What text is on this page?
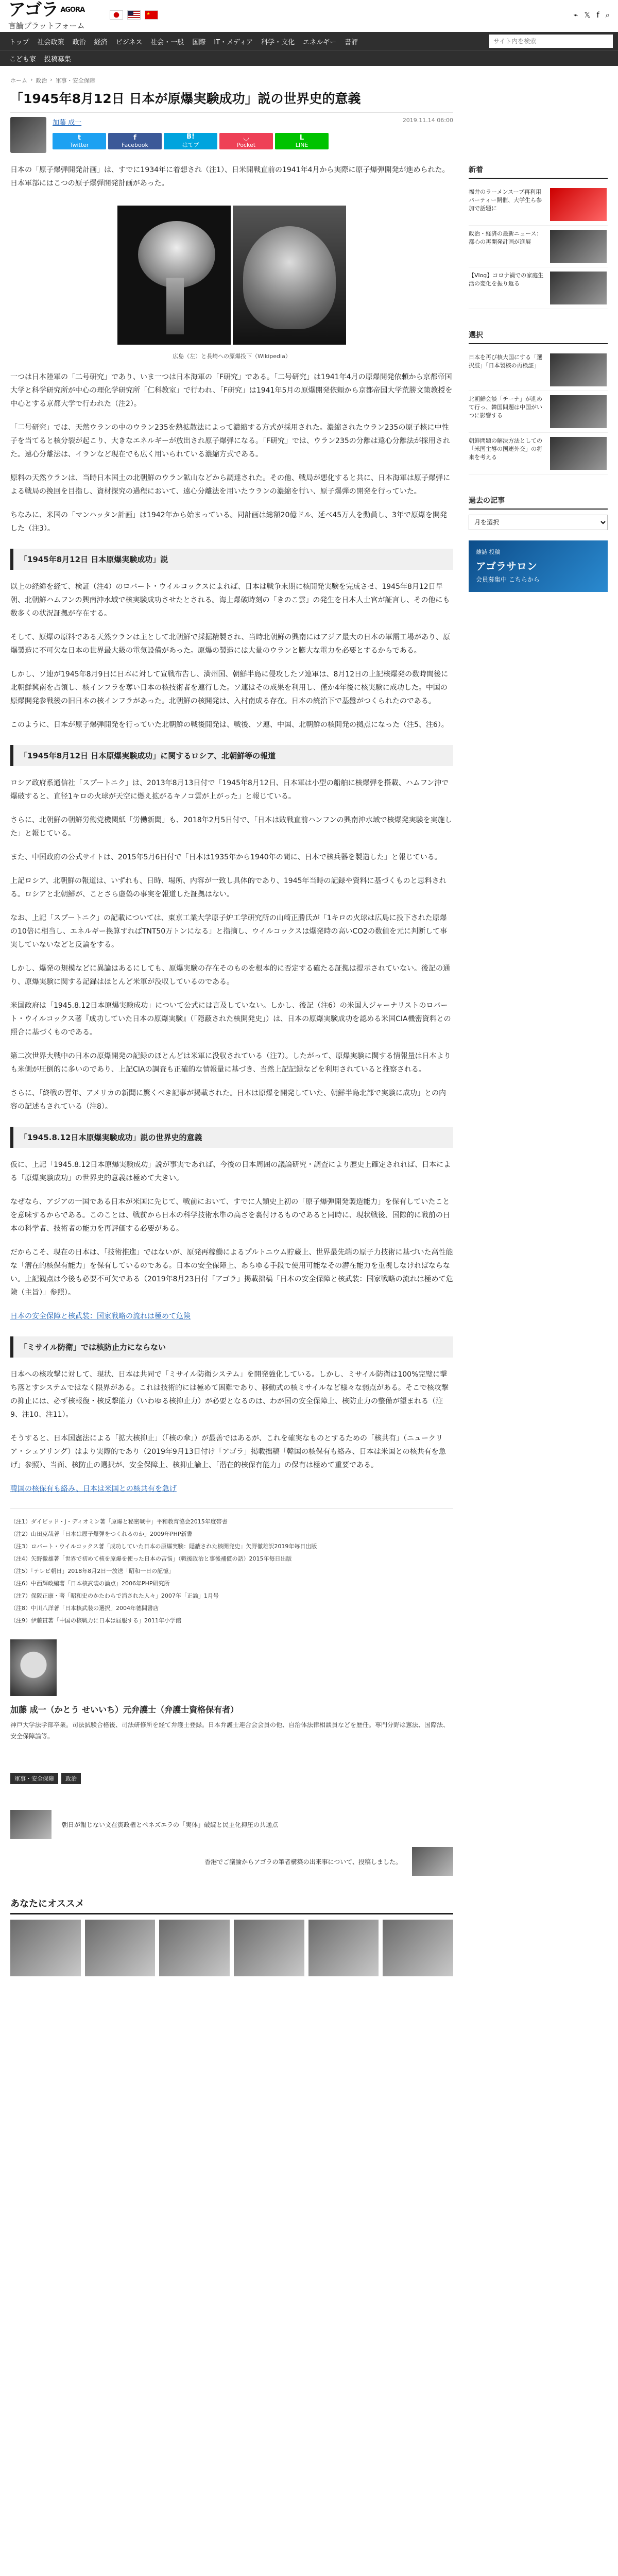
アゴラ AGORA
言論プラットフォーム
★
⌁ 𝕏 f ⌕
トップ	社会政策	政治	経済	ビジネス	社会・一般	国際	IT・メディア	科学・文化	エネルギー	書評
サイト内を検索
こども家	投稿募集
ホーム › 政治 › 軍事・安全保障
「1945年8月12日 日本が原爆実験成功」説の世界史的意義
加藤 成一	2019.11.14 06:00
t
Twitter
f
Facebook
B!
はてブ
◡
Pocket
L
LINE

日本の「原子爆弾開発計画」は、すでに1934年に着想され（注1）、日米開戦直前の1941年4月から実際に原子爆弾開発が進められた。日本軍部にはこつの原子爆弾開発計画があった。

広島（左）と長崎への原爆投下（Wikipedia）

一つは日本陸軍の「二号研究」であり、いま一つは日本海軍の「F研究」である。「二号研究」は1941年4月の原爆開発依頼から京都帝国大学と科学研究所が中心の理化学研究所「仁科教室」で行われ、「F研究」は1941年5月の原爆開発依頼から京都帝国大学荒勝文策教授を中心とする京都大学で行われた（注2）。

「二号研究」では、天然ウランの中のウラン235を熱拡散法によって濃縮する方式が採用された。濃縮されたウラン235の原子核に中性子を当てると核分裂が起こり、大きなエネルギーが放出され原子爆弾になる。「F研究」では、ウラン235の分離は遠心分離法が採用された。遠心分離法は、イランなど現在でも広く用いられている濃縮方式である。

原料の天然ウランは、当時日本国土の北朝鮮のウラン鉱山などから調達された。その他、戦局が悪化すると共に、日本海軍は原子爆弾による戦局の挽回を目指し、資材探究の過程において、遠心分離法を用いたウランの濃縮を行い、原子爆弾の開発を行っていた。

ちなみに、米国の「マンハッタン計画」は1942年から始まっている。同計画は総額20億ドル、延べ45万人を動員し、3年で原爆を開発した（注3）。

「1945年8月12日 日本原爆実験成功」説

以上の経緯を経て、検証（注4）のロバート・ウイルコックスによれば、日本は戦争末期に核開発実験を完成させ、1945年8月12日早朝、北朝鮮ハムフンの興南沖水域で核実験成功させたとされる。海上爆破時刻の「きのこ雲」の発生を日本人士官が証言し、その他にも数多くの状況証拠が存在する。

そして、原爆の原料である天然ウランは主として北朝鮮で採掘精製され、当時北朝鮮の興南にはアジア最大の日本の軍需工場があり、原爆製造に不可欠な日本の世界最大級の電気設備があった。原爆の製造には大量のウランと膨大な電力を必要とするからである。

しかし、ソ連が1945年8月9日に日本に対して宣戦布告し、満州国、朝鮮半島に侵攻したソ連軍は、8月12日の上記核爆発の数時間後に北朝鮮興南を占領し、核インフラを奪い日本の核技術者を連行した。ソ連はその成果を利用し、僅か4年後に核実験に成功した。中国の原爆開発参戦後の旧日本の核インフラがあった。北朝鮮の核開発は、入村南成る存在。日本の統治下で基盤がつくられたのである。

このように、日本が原子爆弾開発を行っていた北朝鮮の戦後開発は、戦後、ソ連、中国、北朝鮮の核開発の拠点になった（注5、注6）。

「1945年8月12日 日本原爆実験成功」に関するロシア、北朝鮮等の報道

ロシア政府系通信社「スプートニク」は、2013年8月13日付で「1945年8月12日、日本軍は小型の船舶に核爆弾を搭載、ハムフン沖で爆破すると、直径1キロの火球が天空に燃え拡がるキノコ雲が上がった」と報じている。

さらに、北朝鮮の朝鮮労働党機関紙「労働新聞」も、2018年2月5日付で、「日本は敗戦直前ハンフンの興南沖水域で核爆発実験を実施した」と報じている。

また、中国政府の公式サイトは、2015年5月6日付で「日本は1935年から1940年の間に、日本で核兵器を製造した」と報じている。

上記ロシア、北朝鮮の報道は、いずれも、日時、場所、内容が一致し具体的であり、1945年当時の記録や資料に基づくものと思料される。ロシアと北朝鮮が、ことさら虚偽の事実を報道した証拠はない。

なお、上記「スプートニク」の記載については、東京工業大学原子炉工学研究所の山崎正勝氏が「1キロの火球は広島に投下された原爆の10倍に相当し、エネルギー換算すればTNT50万トンになる」と指摘し、ウイルコックスは爆発時の高いCO2の数値を元に判断して事実していないなどと反論をする。

しかし、爆発の規模などに異論はあるにしても、原爆実験の存在そのものを根本的に否定する確たる証拠は提示されていない。後記の通り、原爆実験に関する記録はほとんど米軍が没収しているのである。

米国政府は「1945.8.12日本原爆実験成功」について公式には言及していない。しかし、後記（注6）の米国人ジャーナリストのロバート・ウイルコックス著『成功していた日本の原爆実験』（「隠蔽された核開発史」）は、日本の原爆実験成功を認める米国CIA機密資料との照合に基づくものである。

第二次世界大戦中の日本の原爆開発の記録のほとんどは米軍に没収されている（注7）。したがって、原爆実験に関する情報量は日本よりも米側が圧倒的に多いのであり、上記CIAの調査も正確的な情報量に基づき、当然上記記録などを利用されていると推察される。

さらに、「終戦の習年、アメリカの新聞に驚くべき記事が掲載された。日本は原爆を開発していた、朝鮮半島北部で実験に成功」との内容の記述もされている（注8）。

「1945.8.12日本原爆実験成功」説の世界史的意義

仮に、上記「1945.8.12日本原爆実験成功」説が事実であれば、今後の日本周囲の議論研究・調査により歴史上確定されれば、日本による「原爆実験成功」の世界史的意義は極めて大きい。

なぜなら、アジアの一国である日本が米国に先じて、戦前において、すでに人類史上初の「原子爆弾開発製造能力」を保有していたことを意味するからである。このことは、戦前から日本の科学技術水準の高さを裏付けるものであると同時に、現状戦後、国際的に戦前の日本の科学者、技術者の能力を再評価する必要がある。

だからこそ、現在の日本は、「技術推進」ではないが、原発再稼働によるプルトニウム貯蔵上、世界最先端の原子力技術に基づいた高性能な「潜在的核保有能力」を保有しているのである。日本の安全保障上、あらゆる手段で使用可能なその潜在能力を重視しなければならない。上記観点は今後も必要不可欠である（2019年8月23日付「アゴラ」掲載拙稿「日本の安全保障と核武装：国家戦略の流れは極めて危険（主旨）」参照）。

日本の安全保障と核武装：国家戦略の流れは極めて危険

「ミサイル防衛」では核防止力にならない

日本への核攻撃に対して、現状、日本は共同で「ミサイル防衛システム」を開発強化している。しかし、ミサイル防衛は100%完璧に撃ち落とすシステムではなく限界がある。これは技術的には極めて困難であり、移動式の核ミサイルなど様々な弱点がある。そこで核攻撃の抑止には、必ず核報復・核反撃能力（いわゆる核抑止力）が必要となるのは、わが国の安全保障上、核防止力の整備が望まれる（注9、注10、注11）。

そうすると、日本国憲法による「拡大核抑止」（「核の傘」）が最善ではあるが、これを確実なものとするための「核共有」（ニュークリア・シェアリング）はより実際的であり（2019年9月13日付け「アゴラ」掲載拙稿「韓国の核保有も絡み、日本は米国との核共有を急げ」参照）、当面、核防止の選択が、安全保障上、核抑止論上、「潜在的核保有能力」の保有は極めて重要である。

韓国の核保有も絡み、日本は米国との核共有を急げ

（注1）ダイビッド・J・ディオミン著「原爆と秘密戦中」平和教育協会2015年度帯書
（注2）山田克哉著「日本は原子爆弾をつくれるのか」2009年PHP新書
（注3）ロバート・ウイルコックス著「成功していた日本の原爆実験：隠蔽された核開発史」矢野徹雄訳2019年毎日出版
（注4）矢野徹雄著「世界で初めて核を原爆を使った日本の苦悩」（戦後政治と事後補償の話）2015年毎日出版
（注5）「テレビ朝日」2018年8月2日一放送「昭和一日の記憶」
（注6）中西輝政編著「日本核武装の論点」2006年PHP研究所
（注7）保阪正康・著「昭和史のかたわらで消された人々」2007年「正論」1月号
（注8）中川八洋著「日本核武装の選択」2004年德間書店
（注9）伊藤貫著「中国の核戦力に日本は屈服する」2011年小学館
加藤 成一（かとう せいいち）元弁護士（弁護士資格保有者）
神戸大学法学部卒業。司法試験合格後、司法研修所を経て弁護士登録。日本弁護士連合会会員の他、自治体法律相談員などを歴任。専門分野は憲法、国際法、安全保障論等。
軍事・安全保障	政治
朝日が報じない文在寅政権とペネズエラの「実体」破綻と民主化抑圧の共通点
香港でご議論からアゴラの筆者構築の出来事について、投稿しました。
あなたにオススメ
新着
福井のラーメンスープ再利用パーティー開催、大学生ら参加で話題に
政治・経済の最新ニュース：都心の再開発計画が進展
【Vlog】コロナ禍での家庭生活の変化を振り返る
選択
日本を再び核大国にする「選択肢」「日本製核の再検証」
北朝鮮会談「チーナ」が進めて行っ、韓国問題は中国がいつに影響する
朝鮮問題の解決方法としての「米国主導の国連外交」の将来を考える
過去の記事
月を選択
雑誌 投稿
アゴラサロン
会員募集中 こちらから
